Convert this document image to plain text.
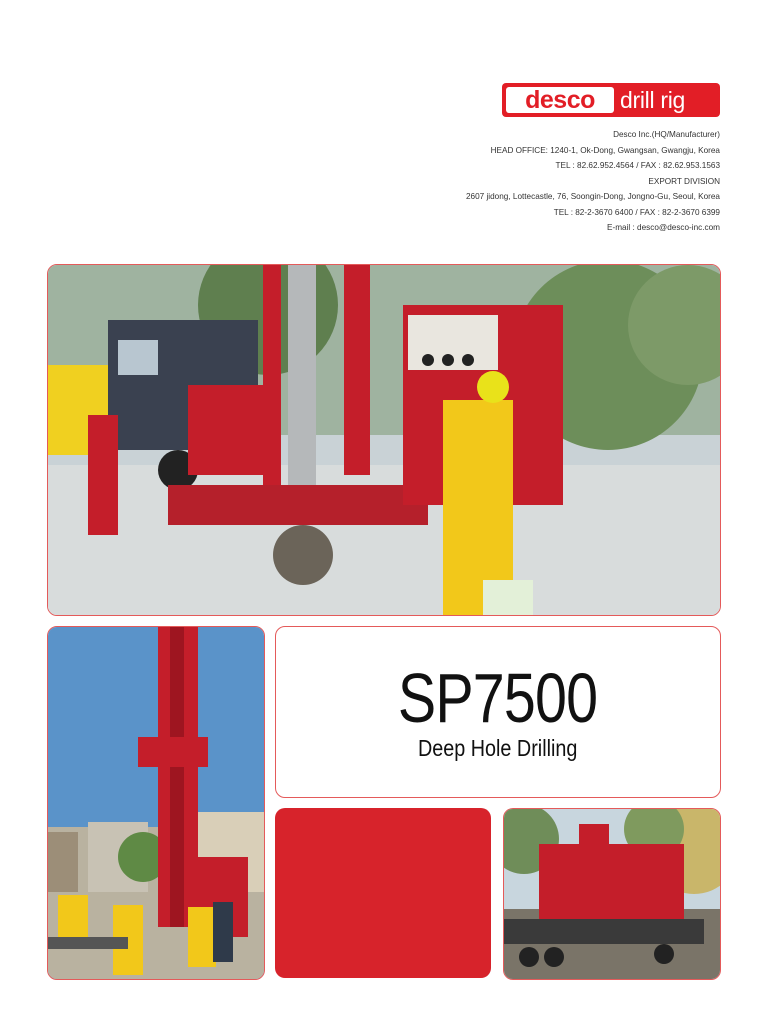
desco	drill rig
Desco Inc.(HQ/Manufacturer)
HEAD OFFICE: 1240-1, Ok-Dong, Gwangsan, Gwangju, Korea
TEL : 82.62.952.4564 / FAX : 82.62.953.1563
EXPORT DIVISION
2607 jidong, Lottecastle, 76, Soongin-Dong, Jongno-Gu, Seoul, Korea
TEL : 82-2-3670 6400 / FAX : 82-2-3670 6399
E-mail : desco@desco-inc.com
SP7500
Deep Hole Drilling
